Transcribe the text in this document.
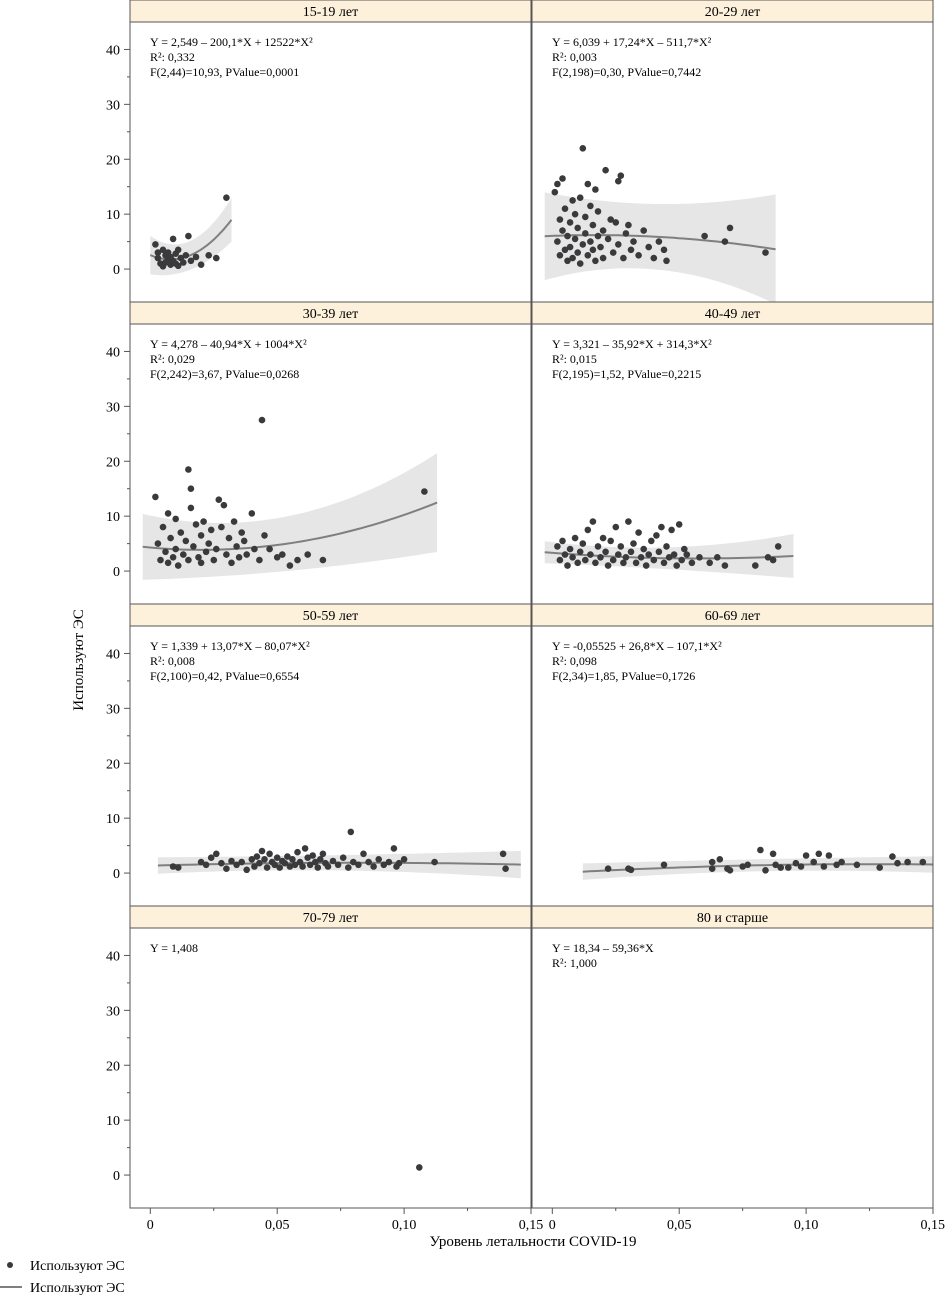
15-19 лет
Y = 2,549 – 200,1*X + 12522*X²
R²: 0,332
F(2,44)=10,93, PValue=0,0001
20-29 лет
Y = 6,039 + 17,24*X – 511,7*X²
R²: 0,003
F(2,198)=0,30, PValue=0,7442
30-39 лет
Y = 4,278 – 40,94*X + 1004*X²
R²: 0,029
F(2,242)=3,67, PValue=0,0268
40-49 лет
Y = 3,321 – 35,92*X + 314,3*X²
R²: 0,015
F(2,195)=1,52, PValue=0,2215
50-59 лет
Y = 1,339 + 13,07*X – 80,07*X²
R²: 0,008
F(2,100)=0,42, PValue=0,6554
60-69 лет
Y = -0,05525 + 26,8*X – 107,1*X²
R²: 0,098
F(2,34)=1,85, PValue=0,1726
70-79 лет
Y = 1,408
80 и старше
Y = 18,34 – 59,36*X
R²: 1,000
Используют ЭС
Уровень летальности COVID-19
0
10
20
30
40
0
10
20
30
40
0
10
20
30
40
0
10
20
30
40
0	0,05	0,10	0,15 0	0,05	0,10	0,15
Используют ЭС
Используют ЭС
